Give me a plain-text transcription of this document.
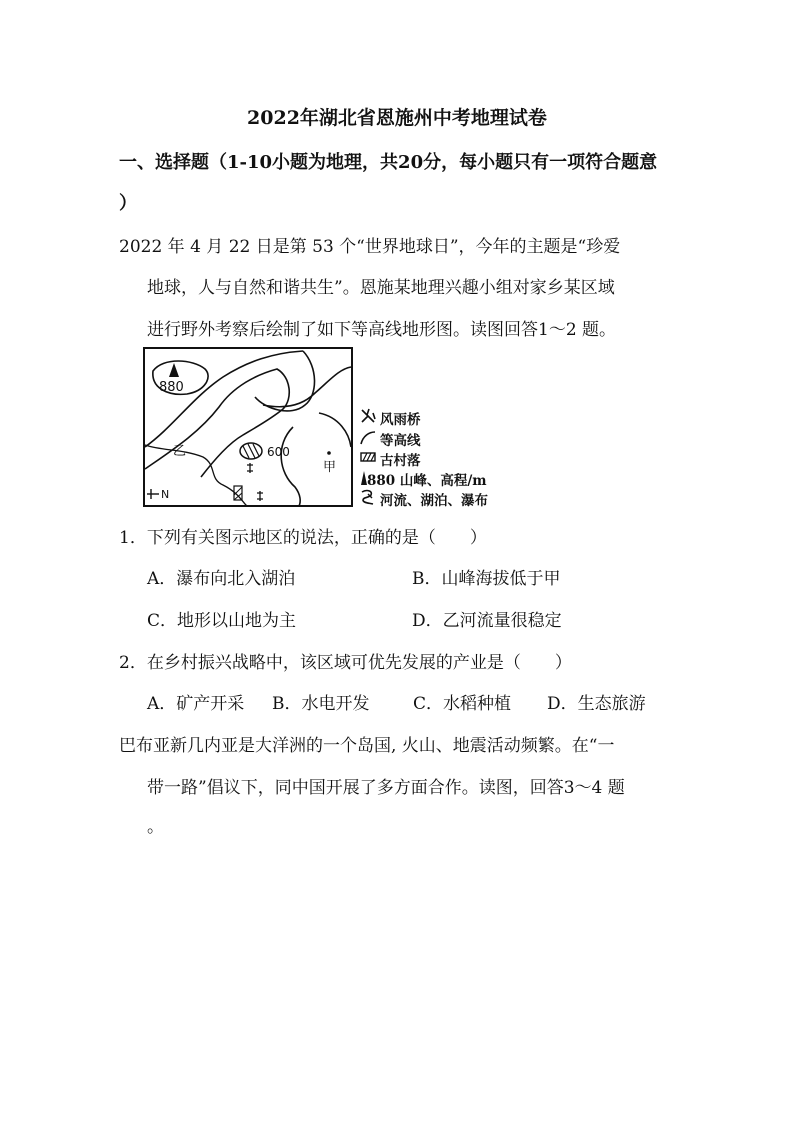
2022年湖北省恩施州中考地理试卷
一、选择题（1-10小题为地理，共20分，每小题只有一项符合题意
）
2022 年 4 月 22 日是第 53 个“世界地球日”，今年的主题是“珍爱
地球，人与自然和谐共生”。恩施某地理兴趣小组对家乡某区域
进行野外考察后绘制了如下等高线地形图。读图回答1～2 题。
880
600
乙
甲
N
风雨桥
等高线
古村落
880 山峰、高程/m
河流、湖泊、瀑布
1．下列有关图示地区的说法，正确的是（　　）
A．瀑布向北入湖泊	B．山峰海拔低于甲
C．地形以山地为主	D．乙河流量很稳定
2．在乡村振兴战略中，该区域可优先发展的产业是（　　）
A．矿产开采 B．水电开发	C．水稻种植 D．生态旅游
巴布亚新几内亚是大洋洲的一个岛国, 火山、地震活动频繁。在“一
带一路”倡议下，同中国开展了多方面合作。读图，回答3～4 题
。
